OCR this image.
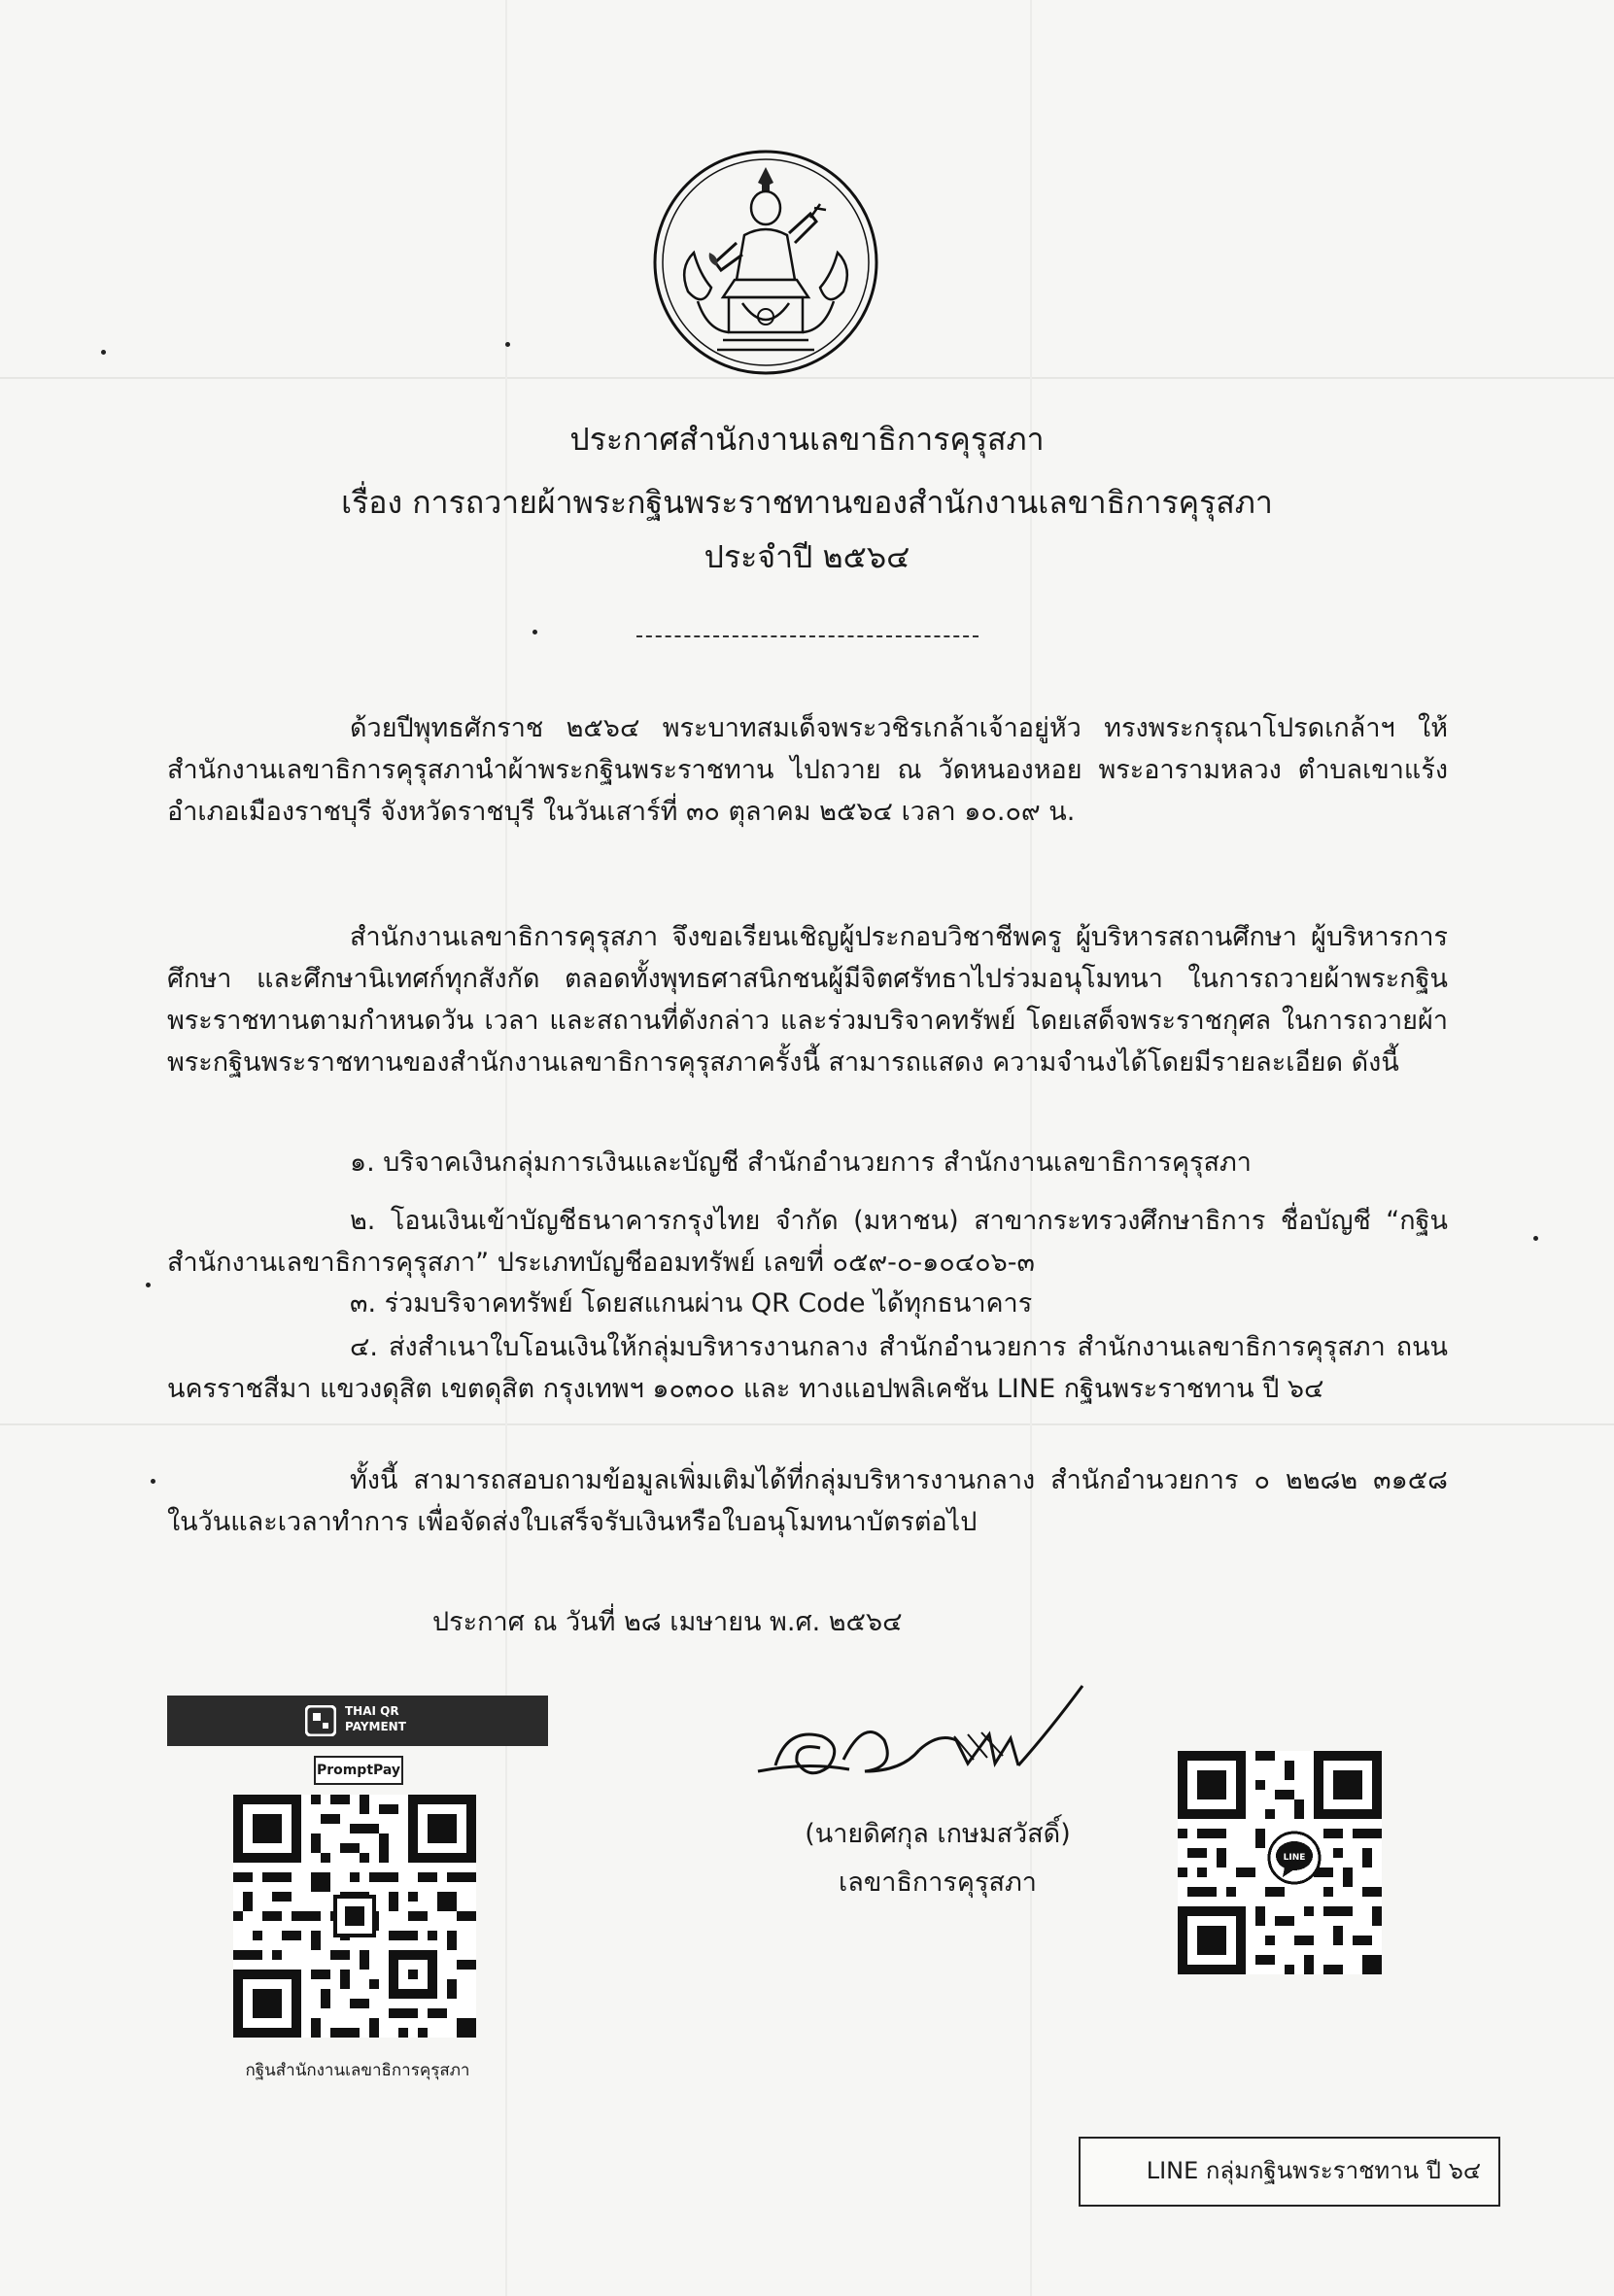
ประกาศสำนักงานเลขาธิการคุรุสภา
เรื่อง การถวายผ้าพระกฐินพระราชทานของสำนักงานเลขาธิการคุรุสภา
ประจำปี ๒๕๖๔

ด้วยปีพุทธศักราช ๒๕๖๔ พระบาทสมเด็จพระวชิรเกล้าเจ้าอยู่หัว ทรงพระกรุณาโปรดเกล้าฯ ให้สำนักงานเลขาธิการคุรุสภานำผ้าพระกฐินพระราชทาน ไปถวาย ณ วัดหนองหอย พระอารามหลวง ตำบลเขาแร้ง อำเภอเมืองราชบุรี จังหวัดราชบุรี ในวันเสาร์ที่ ๓๐ ตุลาคม ๒๕๖๔ เวลา ๑๐.๐๙ น.

สำนักงานเลขาธิการคุรุสภา จึงขอเรียนเชิญผู้ประกอบวิชาชีพครู ผู้บริหารสถานศึกษา ผู้บริหารการศึกษา และศึกษานิเทศก์ทุกสังกัด ตลอดทั้งพุทธศาสนิกชนผู้มีจิตศรัทธาไปร่วมอนุโมทนา ในการถวายผ้าพระกฐินพระราชทานตามกำหนดวัน เวลา และสถานที่ดังกล่าว และร่วมบริจาคทรัพย์ โดยเสด็จพระราชกุศล ในการถวายผ้าพระกฐินพระราชทานของสำนักงานเลขาธิการคุรุสภาครั้งนี้ สามารถแสดง ความจำนงได้โดยมีรายละเอียด ดังนี้

๑. บริจาคเงินกลุ่มการเงินและบัญชี สำนักอำนวยการ สำนักงานเลขาธิการคุรุสภา

๒. โอนเงินเข้าบัญชีธนาคารกรุงไทย จำกัด (มหาชน) สาขากระทรวงศึกษาธิการ ชื่อบัญชี “กฐินสำนักงานเลขาธิการคุรุสภา” ประเภทบัญชีออมทรัพย์ เลขที่ ๐๕๙-๐-๑๐๔๐๖-๓

๓. ร่วมบริจาคทรัพย์ โดยสแกนผ่าน QR Code ได้ทุกธนาคาร

๔. ส่งสำเนาใบโอนเงินให้กลุ่มบริหารงานกลาง สำนักอำนวยการ สำนักงานเลขาธิการคุรุสภา ถนนนครราชสีมา แขวงดุสิต เขตดุสิต กรุงเทพฯ ๑๐๓๐๐ และ ทางแอปพลิเคชัน LINE กฐินพระราชทาน ปี ๖๔

ทั้งนี้ สามารถสอบถามข้อมูลเพิ่มเติมได้ที่กลุ่มบริหารงานกลาง สำนักอำนวยการ ๐ ๒๒๘๒ ๓๑๕๘ ในวันและเวลาทำการ เพื่อจัดส่งใบเสร็จรับเงินหรือใบอนุโมทนาบัตรต่อไป

ประกาศ ณ วันที่ ๒๘ เมษายน พ.ศ. ๒๕๖๔
THAI QR PAYMENT
PromptPay
กฐินสำนักงานเลขาธิการคุรุสภา
(นายดิศกุล เกษมสวัสดิ์)
เลขาธิการคุรุสภา
LINE กลุ่มกฐินพระราชทาน ปี ๖๔
